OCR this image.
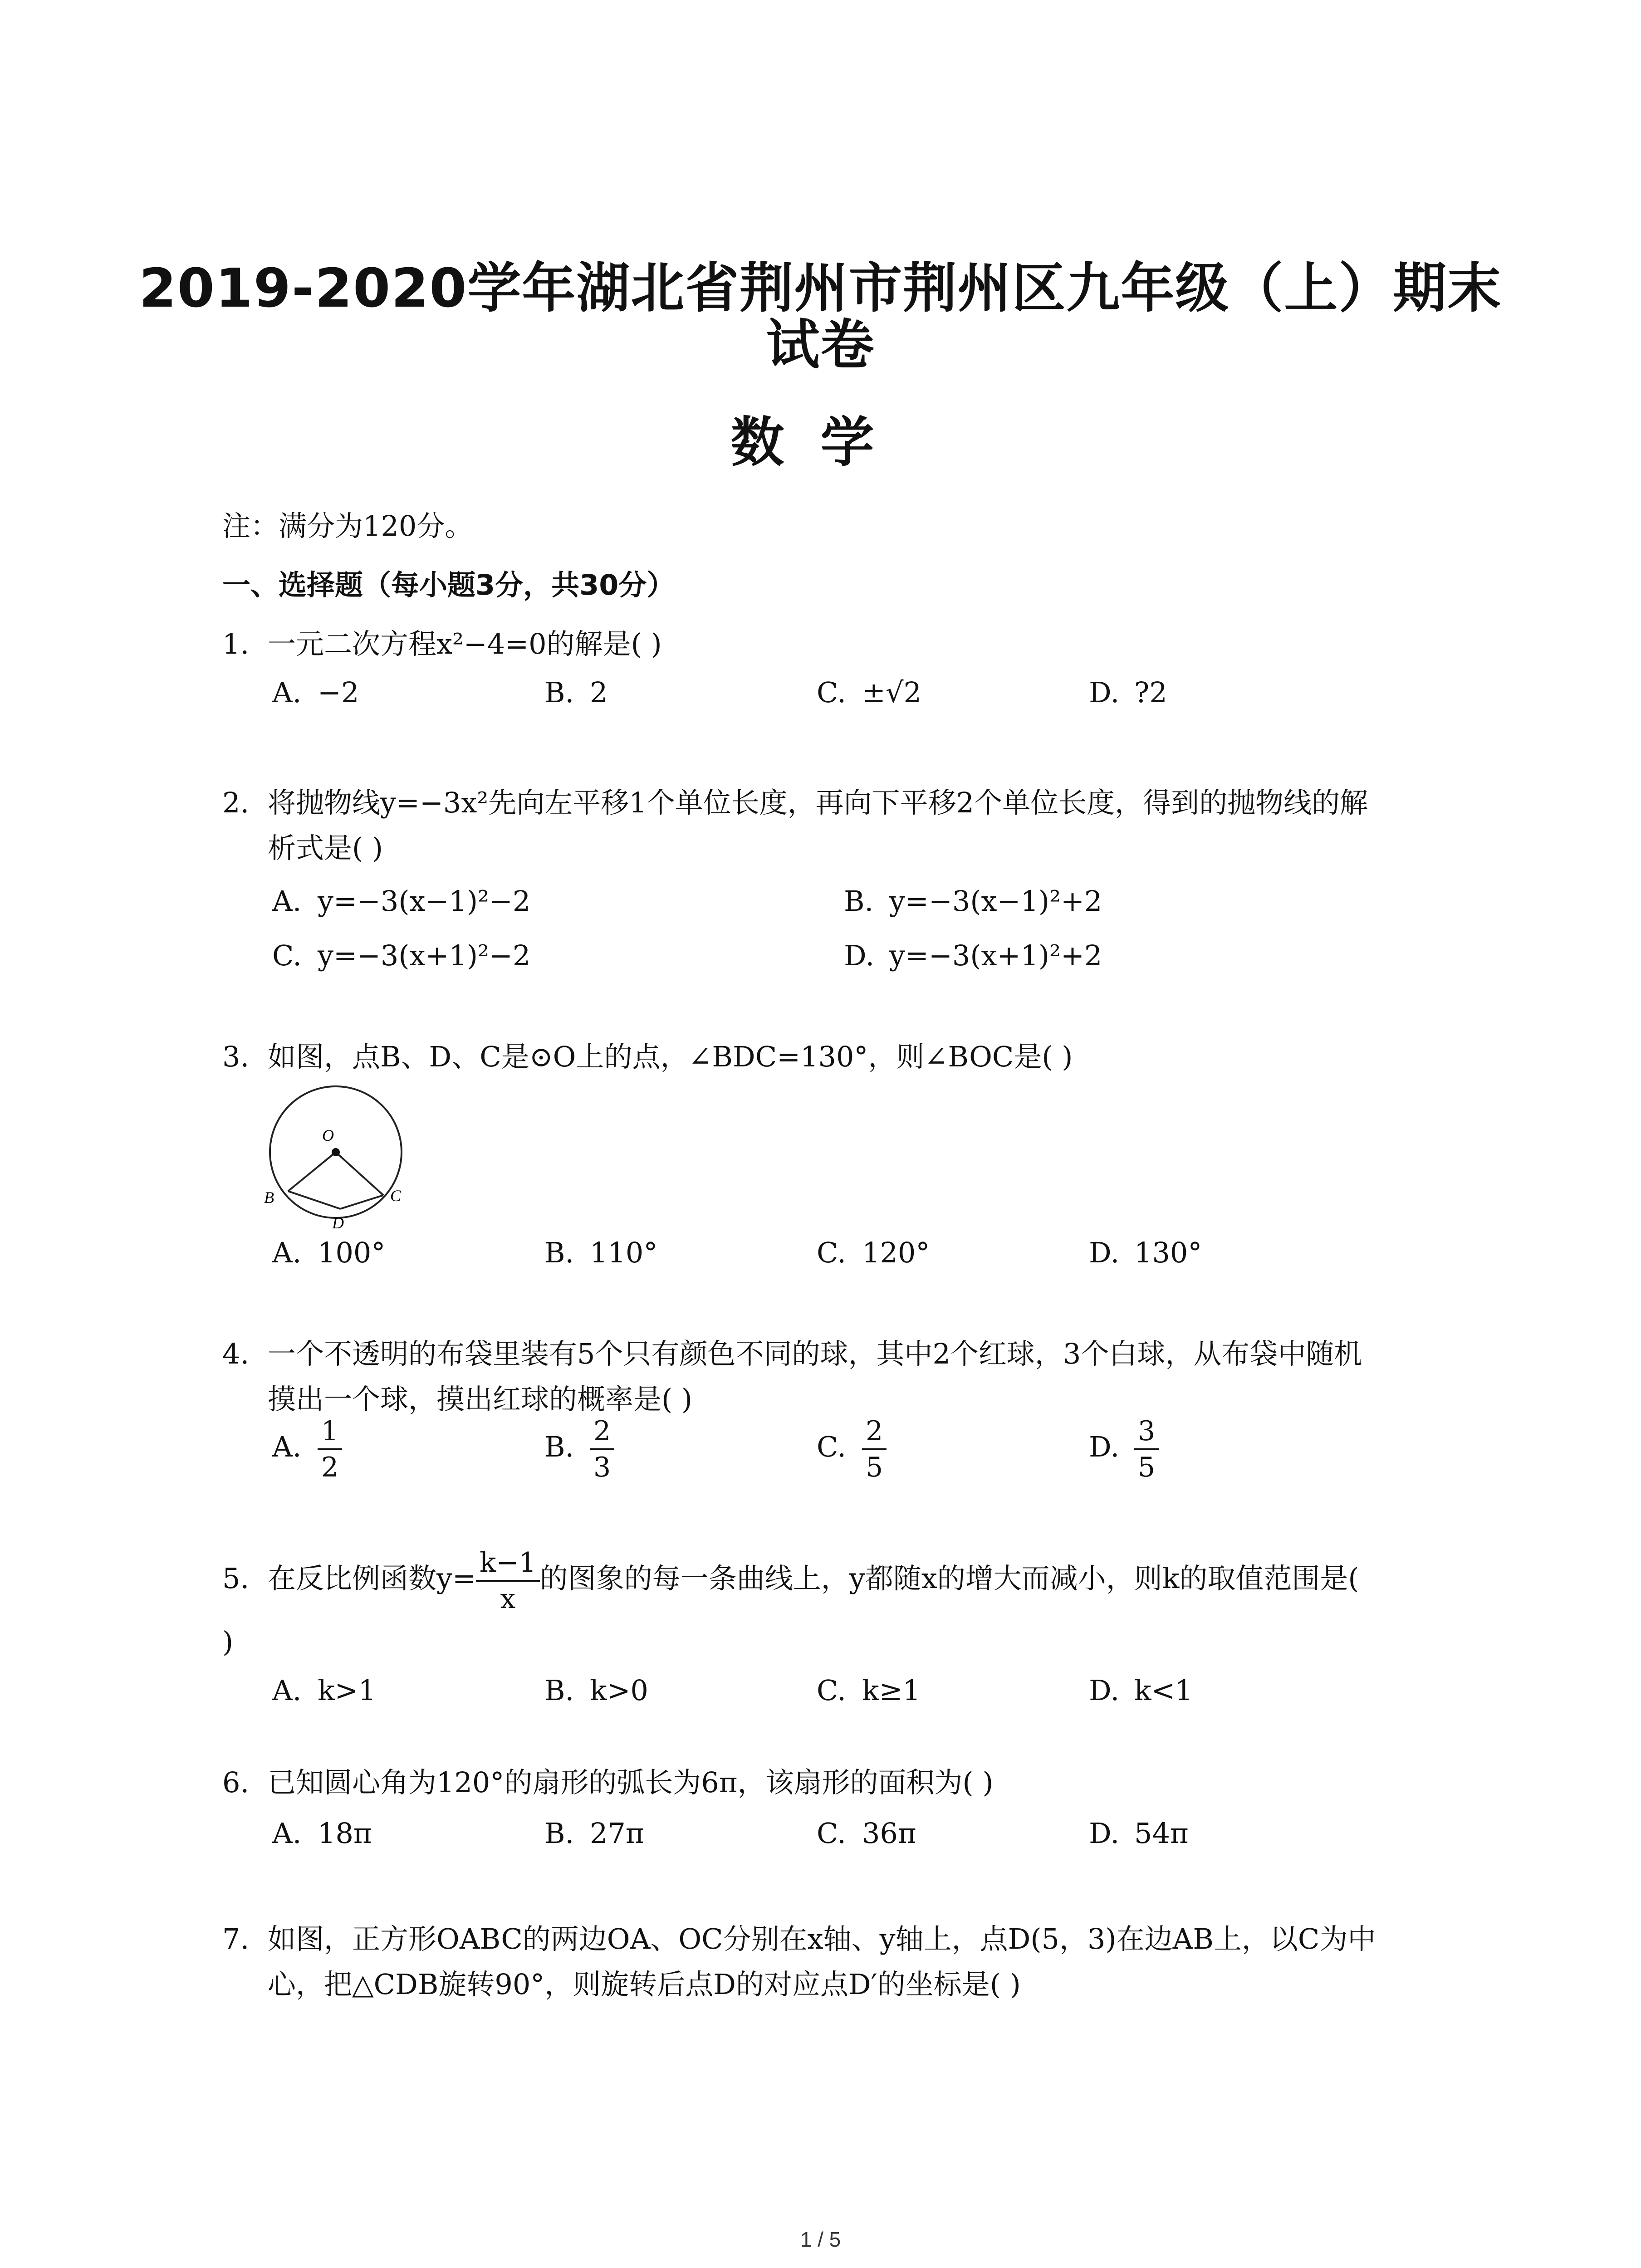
2019-2020学年湖北省荆州市荆州区九年级（上）期末
试卷
数学
注：满分为120分。
一、选择题（每小题3分，共30分）
1. 一元二次方程x²−4=0的解是( )
A. −2	B. 2	C. ±√2	D. ?2
2. 将抛物线y=−3x²先向左平移1个单位长度，再向下平移2个单位长度，得到的抛物线的解
析式是( )
A. y=−3(x−1)²−2	B. y=−3(x−1)²+2
C. y=−3(x+1)²−2	D. y=−3(x+1)²+2
3. 如图，点B、D、C是⊙O上的点，∠BDC=130°，则∠BOC是( )
O
B	C
D
A. 100°	B. 110°	C. 120°	D. 130°
4. 一个不透明的布袋里装有5个只有颜色不同的球，其中2个红球，3个白球，从布袋中随机
摸出一个球，摸出红球的概率是( )
A. $\frac{1}{2}$	B. $\frac{2}{3}$	C. $\frac{2}{5}$	D. $\frac{3}{5}$
5. 在反比例函数$y= \frac{k-1}{x}$ 的图象的每一条曲线上，y都随x的增大而减小，则k的取值范围是(
)
A. k>1	B. k>0	C. k≥1	D. k<1
6. 已知圆心角为120°的扇形的弧长为6π，该扇形的面积为( )
A. 18π	B. 27π	C. 36π	D. 54π
7. 如图，正方形OABC的两边OA、OC分别在x轴、y轴上，点D(5，3)在边AB上，以C为中
心，把△CDB旋转90°，则旋转后点D的对应点D′的坐标是( )
1 / 5
